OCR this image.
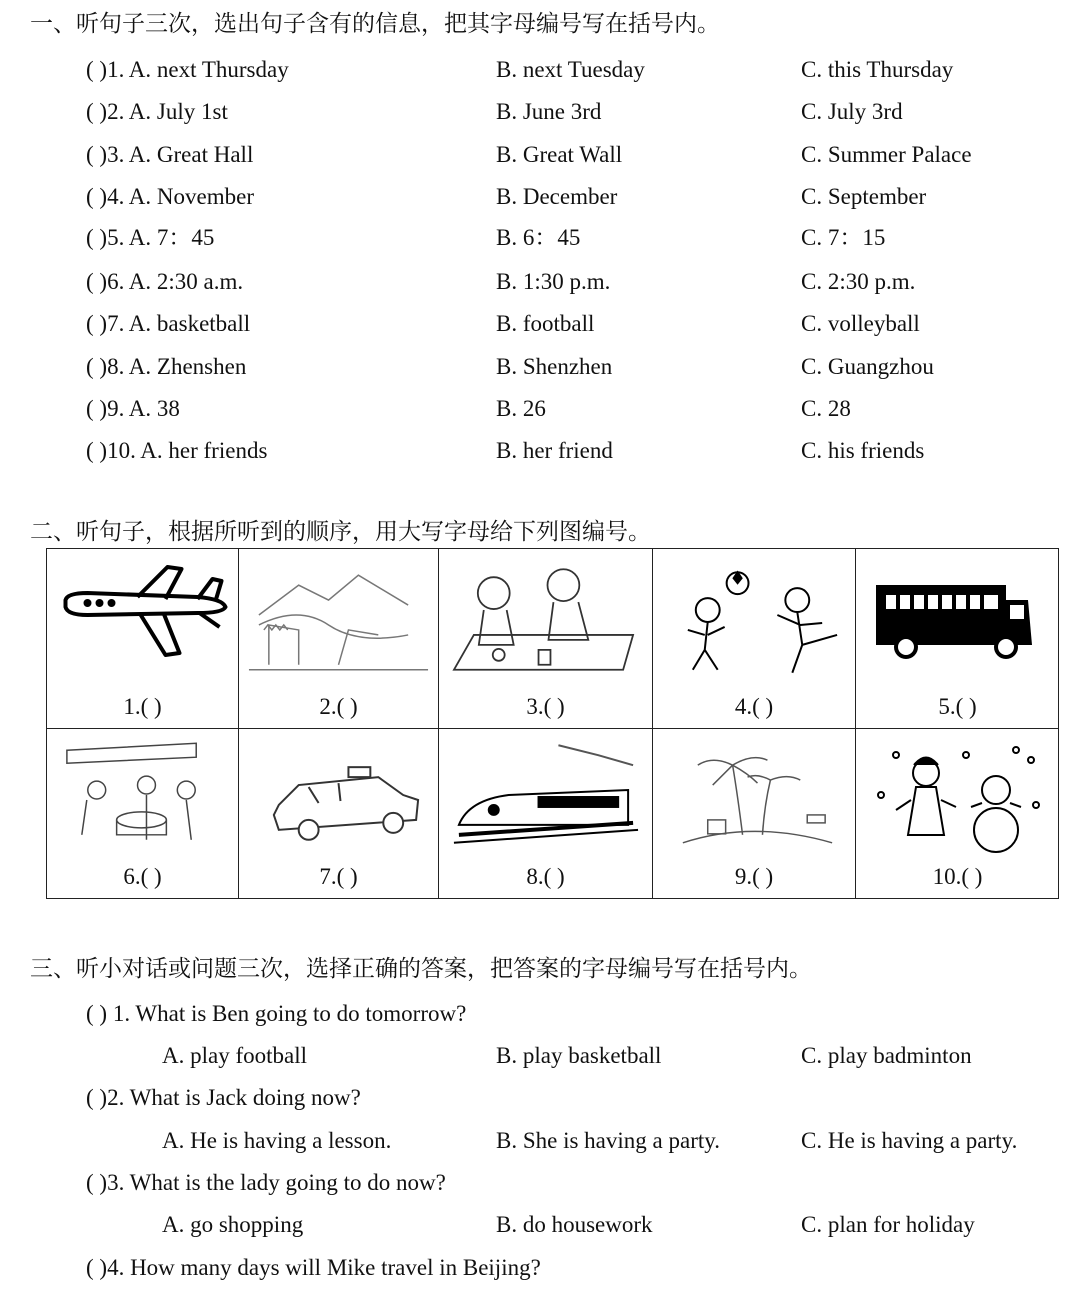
一、听句子三次，选出句子含有的信息，把其字母编号写在括号内。
( )1. A. next Thursday	B. next Tuesday	C. this Thursday
( )2. A. July 1st	B. June 3rd	C. July 3rd
( )3. A. Great Hall	B. Great Wall	C. Summer Palace
( )4. A. November	B. December	C. September
( )5. A. 7：45	B. 6：45	C. 7：15
( )6. A. 2:30 a.m.	B. 1:30 p.m.	C. 2:30 p.m.
( )7. A. basketball	B. football	C. volleyball
( )8. A. Zhenshen	B. Shenzhen	C. Guangzhou
( )9. A. 38	B. 26	C. 28
( )10. A. her friends	B. her friend	C. his friends
二、听句子，根据所听到的顺序，用大写字母给下列图编号。
1.( )	2.( )	3.( )	4.( )	5.( )
6.( )	7.( )	8.( )	9.( )	10.( )
三、听小对话或问题三次，选择正确的答案，把答案的字母编号写在括号内。
( ) 1. What is Ben going to do tomorrow?
A. play football	B. play basketball	C. play badminton
( )2. What is Jack doing now?
A. He is having a lesson.	B. She is having a party.	C. He is having a party.
( )3. What is the lady going to do now?
A. go shopping	B. do housework	C. plan for holiday
( )4. How many days will Mike travel in Beijing?
